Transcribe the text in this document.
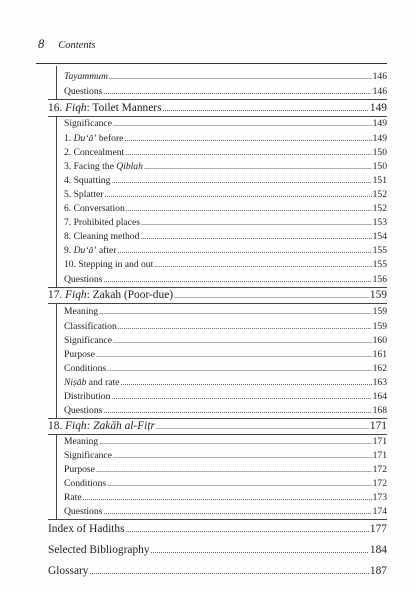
8 Contents
Tayammum .....	146
Questions .....	146
16. Fiqh: Toilet Manners .....	149
Significance .....	149
1. Du‘ā’ before .....	149
2. Concealment .....	150
3. Facing the Qiblah .....	150
4. Squatting .....	151
5. Splatter .....	152
6. Conversation .....	152
7. Prohibited places .....	153
8. Cleaning method .....	154
9. Du‘ā’ after .....	155
10. Stepping in and out .....	155
Questions .....	156
17. Fiqh: Zakah (Poor-due) .....	159
Meaning .....	159
Classification .....	159
Significance .....	160
Purpose .....	161
Conditions .....	162
Niṣāb and rate .....	163
Distribution .....	164
Questions .....	168
18. Fiqh: Zakāh al-Fiṭr .....	171
Meaning .....	171
Significance .....	171
Purpose .....	172
Conditions .....	172
Rate .....	173
Questions .....	174
Index of Hadiths .....	177
Selected Bibliography .....	184
Glossary .....	187
